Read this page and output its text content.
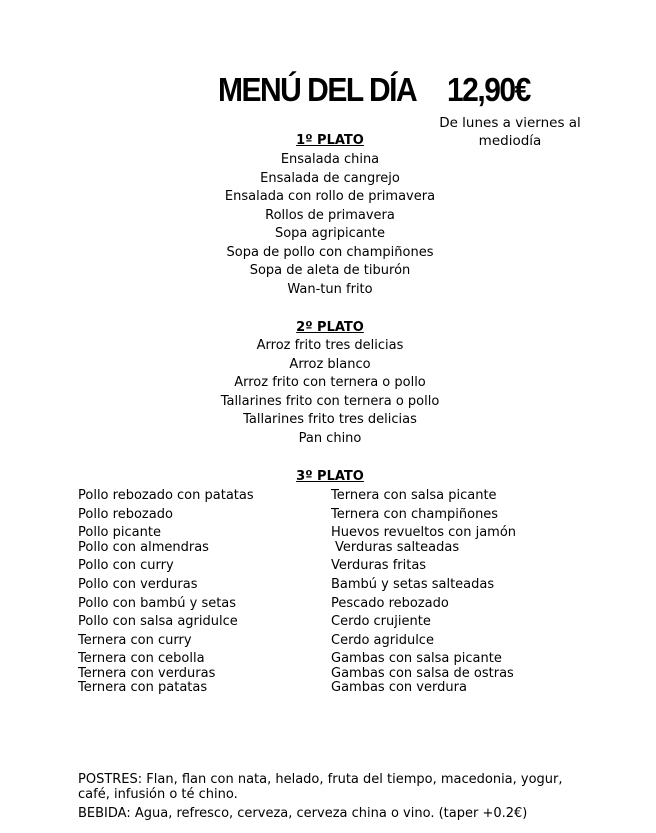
MENÚ DEL DÍA 12,90€
De lunes a viernes al mediodía
1º PLATO
Ensalada china
Ensalada de cangrejo
Ensalada con rollo de primavera
Rollos de primavera
Sopa agripicante
Sopa de pollo con champiñones
Sopa de aleta de tiburón
Wan-tun frito
2º PLATO
Arroz frito tres delicias
Arroz blanco
Arroz frito con ternera o pollo
Tallarines frito con ternera o pollo
Tallarines frito tres delicias
Pan chino
3º PLATO
Pollo rebozado con patatas
Pollo rebozado
Pollo picante
Pollo con almendras
Pollo con curry
Pollo con verduras
Pollo con bambú y setas
Pollo con salsa agridulce
Ternera con curry
Ternera con cebolla
Ternera con verduras
Ternera con patatas
Ternera con salsa picante
Ternera con champiñones
Huevos revueltos con jamón
Verduras salteadas
Verduras fritas
Bambú y setas salteadas
Pescado rebozado
Cerdo crujiente
Cerdo agridulce
Gambas con salsa picante
Gambas con salsa de ostras
Gambas con verdura
POSTRES: Flan, flan con nata, helado, fruta del tiempo, macedonia, yogur, café, infusión o té chino.
BEBIDA: Agua, refresco, cerveza, cerveza china o vino. (taper +0.2€)
